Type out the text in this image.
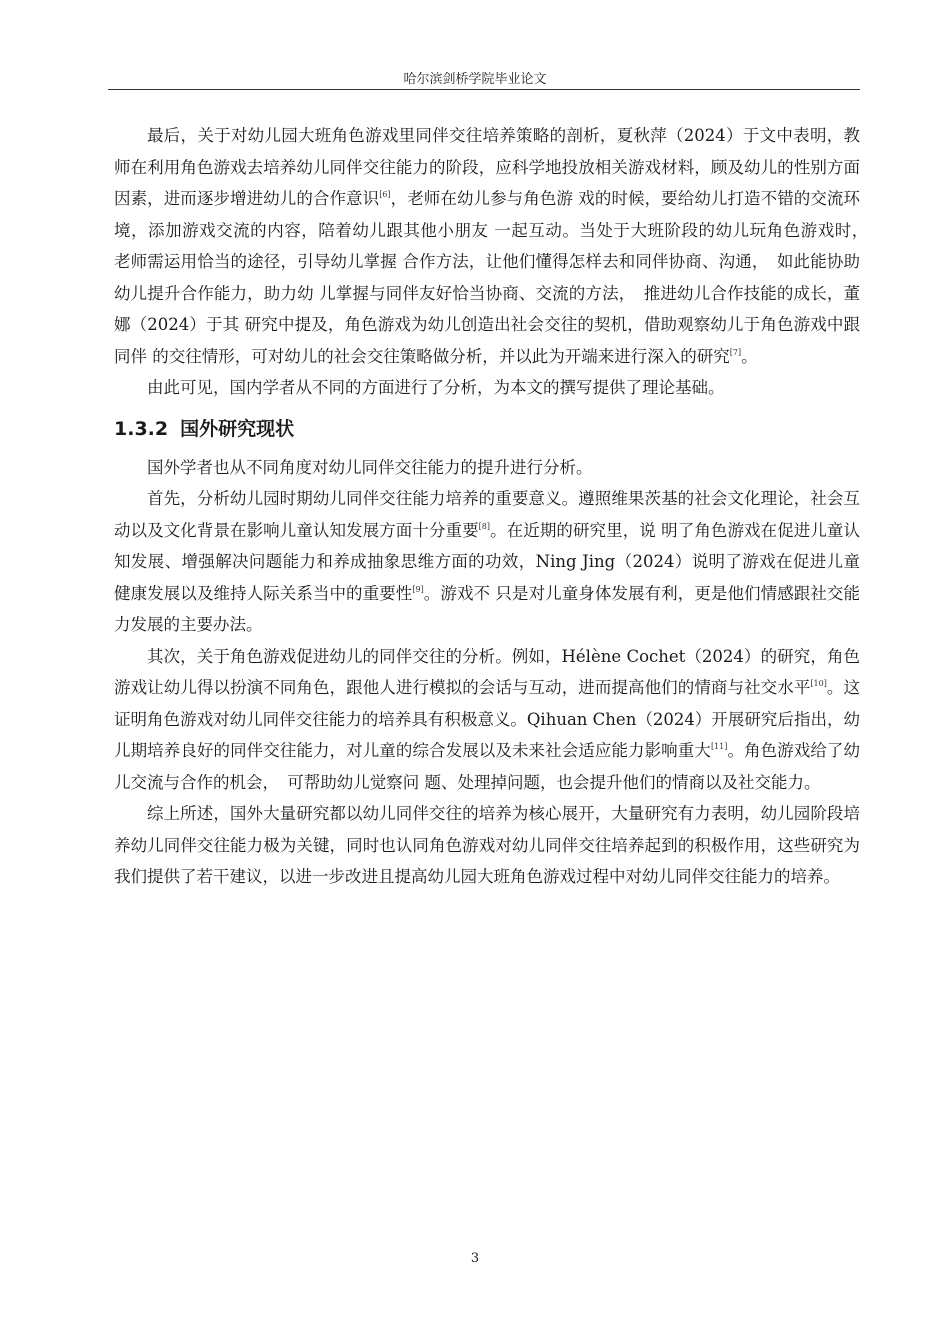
哈尔滨剑桥学院毕业论文

最后，关于对幼儿园大班角色游戏里同伴交往培养策略的剖析，夏秋萍（2024）于文中表明，教师在利用角色游戏去培养幼儿同伴交往能力的阶段，应科学地投放相关游戏材料，顾及幼儿的性别方面因素，进而逐步增进幼儿的合作意识[6]，老师在幼儿参与角色游 戏的时候，要给幼儿打造不错的交流环境，添加游戏交流的内容，陪着幼儿跟其他小朋友 一起互动。当处于大班阶段的幼儿玩角色游戏时，　老师需运用恰当的途径，引导幼儿掌握 合作方法，让他们懂得怎样去和同伴协商、沟通，　如此能协助幼儿提升合作能力，助力幼 儿掌握与同伴友好恰当协商、交流的方法，　推进幼儿合作技能的成长，董娜（2024）于其 研究中提及，角色游戏为幼儿创造出社会交往的契机，借助观察幼儿于角色游戏中跟同伴 的交往情形，可对幼儿的社会交往策略做分析，并以此为开端来进行深入的研究[7]。

由此可见，国内学者从不同的方面进行了分析，为本文的撰写提供了理论基础。

1.3.2 国外研究现状

国外学者也从不同角度对幼儿同伴交往能力的提升进行分析。

首先，分析幼儿园时期幼儿同伴交往能力培养的重要意义。遵照维果茨基的社会文化理论，社会互动以及文化背景在影响儿童认知发展方面十分重要[8]。在近期的研究里，说 明了角色游戏在促进儿童认知发展、增强解决问题能力和养成抽象思维方面的功效，Ning Jing（2024）说明了游戏在促进儿童健康发展以及维持人际关系当中的重要性[9]。游戏不 只是对儿童身体发展有利，更是他们情感跟社交能力发展的主要办法。

其次，关于角色游戏促进幼儿的同伴交往的分析。例如，Hélène Cochet（2024）的研究，角色游戏让幼儿得以扮演不同角色，跟他人进行模拟的会话与互动，进而提高他们的情商与社交水平[10]。这证明角色游戏对幼儿同伴交往能力的培养具有积极意义。Qihuan Chen（2024）开展研究后指出，幼儿期培养良好的同伴交往能力，对儿童的综合发展以及未来社会适应能力影响重大[11]。角色游戏给了幼儿交流与合作的机会，　可帮助幼儿觉察问 题、处理掉问题，也会提升他们的情商以及社交能力。

综上所述，国外大量研究都以幼儿同伴交往的培养为核心展开，大量研究有力表明，幼儿园阶段培养幼儿同伴交往能力极为关键，同时也认同角色游戏对幼儿同伴交往培养起到的积极作用，这些研究为我们提供了若干建议，以进一步改进且提高幼儿园大班角色游戏过程中对幼儿同伴交往能力的培养。

3
